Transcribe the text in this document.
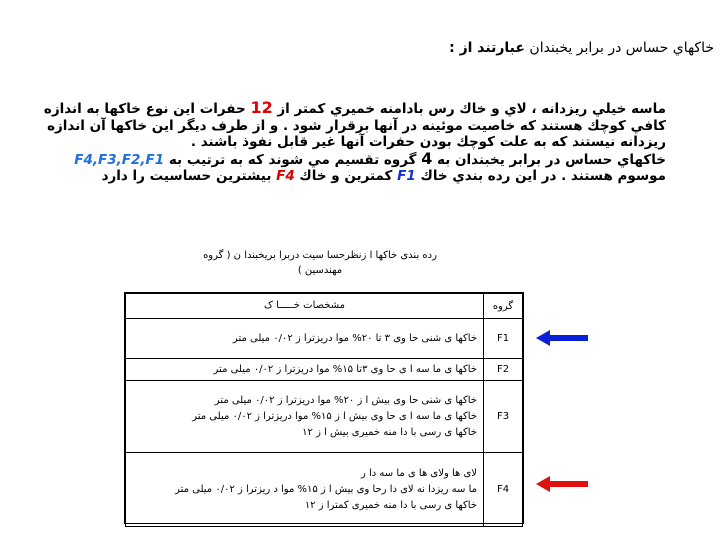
خاكهاي حساس در برابر يخبندان عبارتند از :
ماسه خيلي ريزدانه ، لاي و خاك رس بادامنه خميري كمتر از 12 حفرات اين نوع خاكها به اندازه كافي كوچك هستند كه خاصيت موئينه در آنها برقرار شود . و از طرف ديگر اين خاكها آن اندازه ريزدانه نيستند كه به علت كوچك بودن حفرات آنها غير قابل نفوذ باشند .
خاكهاي حساس در برابر يخبندان به 4 گروه تقسيم مي شوند كه به ترتيب به F4,F3,F2,F1 موسوم هستند . در اين رده بندي خاك F1 كمترين و خاك F4 بيشترين حساسيت را دارد
رده بندی خاکها ا زنظرحسا سیت دربرا بریخبندا ن ( گروه
مهندسین )
گروه	مشخصات خـــــا ک
F1	خاکها ی شنی حا وی ۳ تا ۲۰% موا دریزترا ز ۰/۰۲ میلی متر

F2	خاکها ی ما سه ا ی حا وی ۳تا ۱۵% موا دریزترا ز ۰/۰۲ میلی متر

F3	خاکها ی شنی حا وی بیش ا ز ۲۰% موا دریزترا ز ۰/۰۲ میلی متر
خاکها ی ما سه ا ی حا وی بیش ا ز ۱۵% موا دریزترا ز ۰/۰۲ میلی متر
خاکها ی رسی با دا منه خمیری بیش ا ز ۱۲

F4	لای ها ولای ها ی ما سه دا ر
ما سه ریزدا نه لای دا رحا وی بیش ا ز ۱۵% موا د ریزترا ز ۰/۰۲ میلی متر
خاکها ی رسی با دا منه خمیری کمترا ز ۱۲
